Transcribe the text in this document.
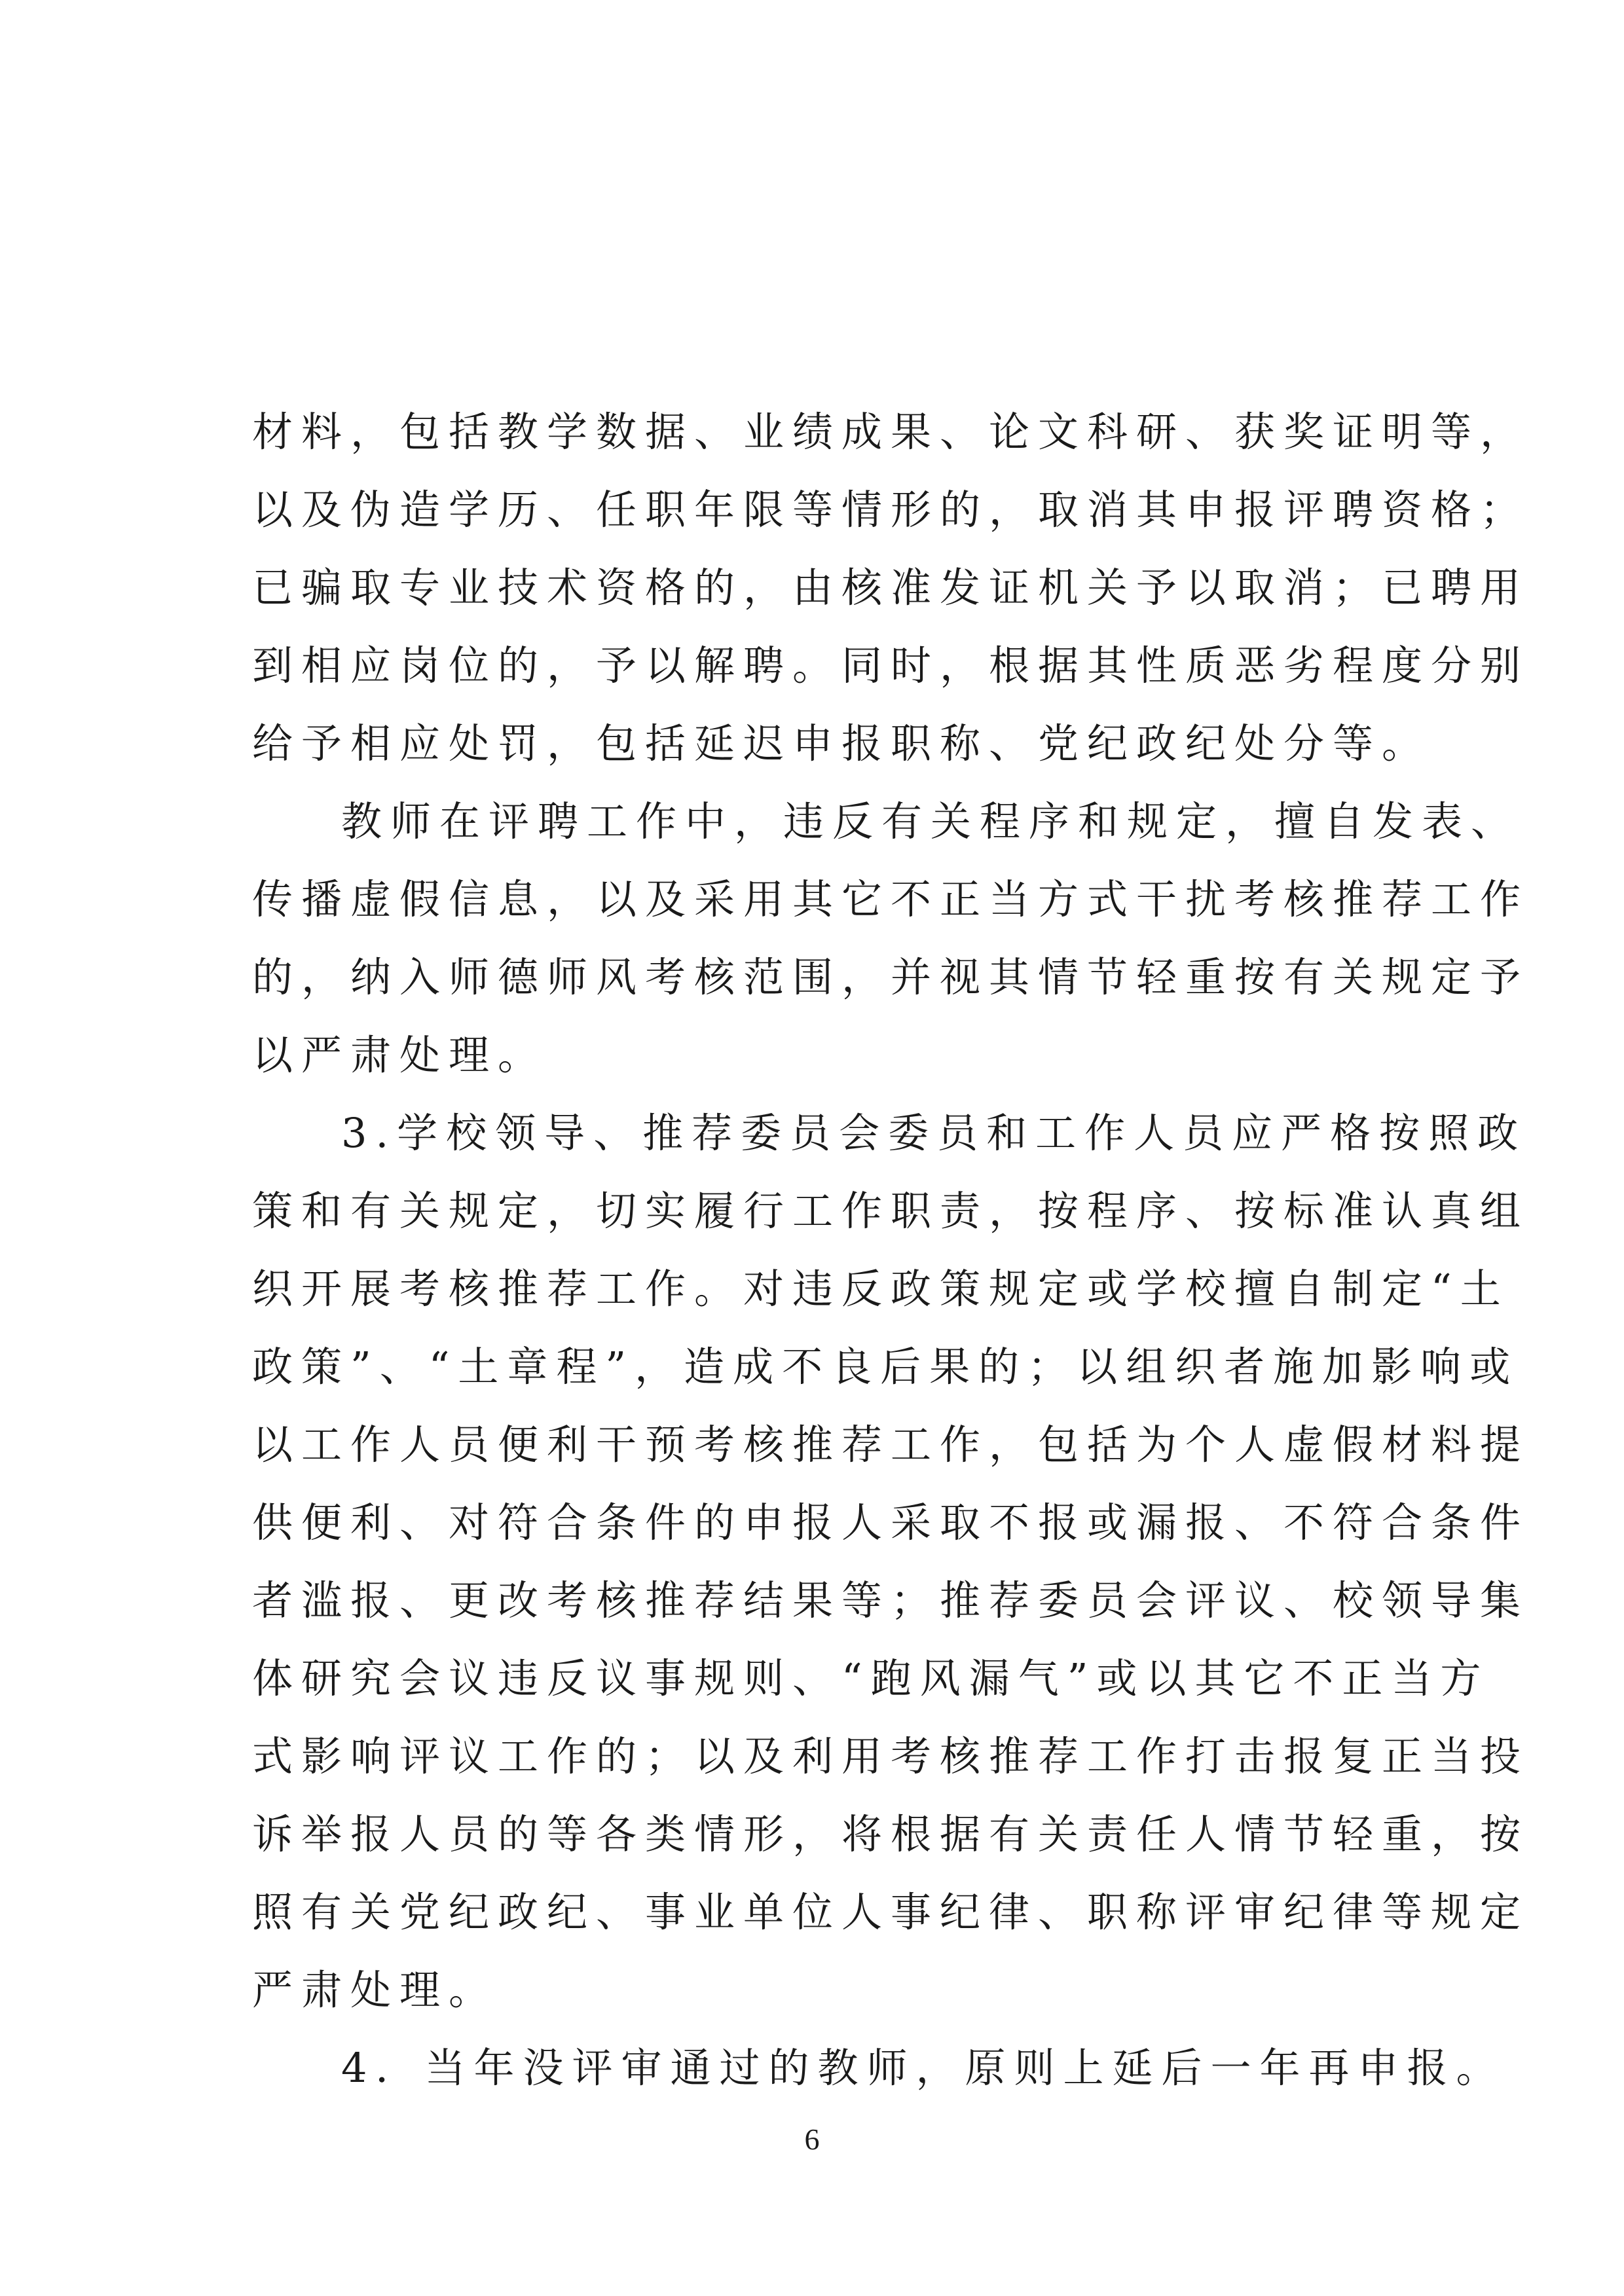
材料，包括教学数据、业绩成果、论文科研、获奖证明等，
以及伪造学历、任职年限等情形的，取消其申报评聘资格；
已骗取专业技术资格的，由核准发证机关予以取消；已聘用
到相应岗位的，予以解聘。同时，根据其性质恶劣程度分别
给予相应处罚，包括延迟申报职称、党纪政纪处分等。
教师在评聘工作中，违反有关程序和规定，擅自发表、
传播虚假信息，以及采用其它不正当方式干扰考核推荐工作
的，纳入师德师风考核范围，并视其情节轻重按有关规定予
以严肃处理。
3.学校领导、推荐委员会委员和工作人员应严格按照政
策和有关规定，切实履行工作职责，按程序、按标准认真组
织开展考核推荐工作。对违反政策规定或学校擅自制定“土
政策”、“土章程”，造成不良后果的；以组织者施加影响或
以工作人员便利干预考核推荐工作，包括为个人虚假材料提
供便利、对符合条件的申报人采取不报或漏报、不符合条件
者滥报、更改考核推荐结果等；推荐委员会评议、校领导集
体研究会议违反议事规则、“跑风漏气”或以其它不正当方
式影响评议工作的；以及利用考核推荐工作打击报复正当投
诉举报人员的等各类情形，将根据有关责任人情节轻重，按
照有关党纪政纪、事业单位人事纪律、职称评审纪律等规定
严肃处理。
4．当年没评审通过的教师，原则上延后一年再申报。
6
